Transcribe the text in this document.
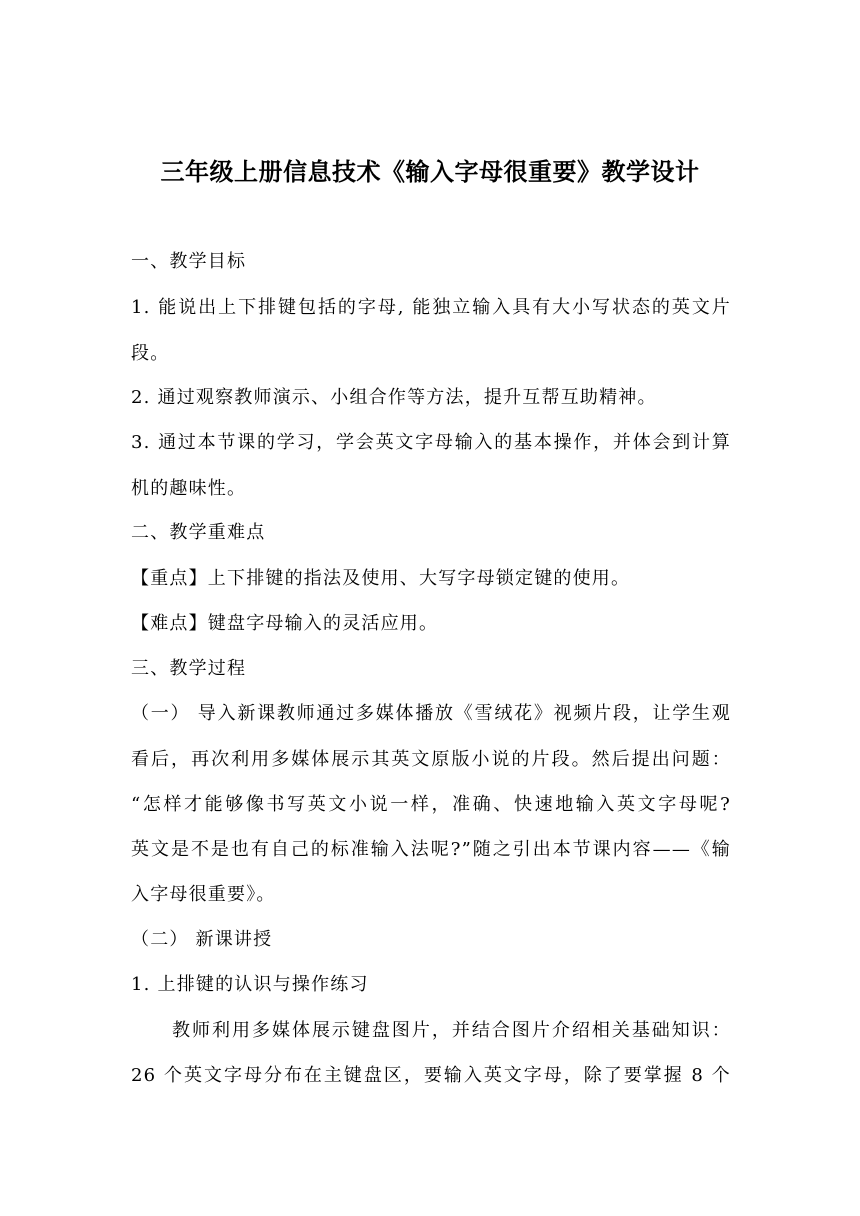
三年级上册信息技术《输入字母很重要》教学设计
一、教学目标
1. 能说出上下排键包括的字母, 能独立输入具有大小写状态的英文片
段。
2. 通过观察教师演示、小组合作等方法，提升互帮互助精神。
3. 通过本节课的学习，学会英文字母输入的基本操作，并体会到计算
机的趣味性。
二、教学重难点
【重点】上下排键的指法及使用、大写字母锁定键的使用。
【难点】键盘字母输入的灵活应用。
三、教学过程
（一） 导入新课教师通过多媒体播放《雪绒花》视频片段，让学生观
看后，再次利用多媒体展示其英文原版小说的片段。然后提出问题：
“怎样才能够像书写英文小说一样，准确、快速地输入英文字母呢?
英文是不是也有自己的标准输入法呢?”随之引出本节课内容——《输
入字母很重要》。
（二） 新课讲授
1. 上排键的认识与操作练习
教师利用多媒体展示键盘图片，并结合图片介绍相关基础知识：
26 个英文字母分布在主键盘区，要输入英文字母，除了要掌握 8 个
